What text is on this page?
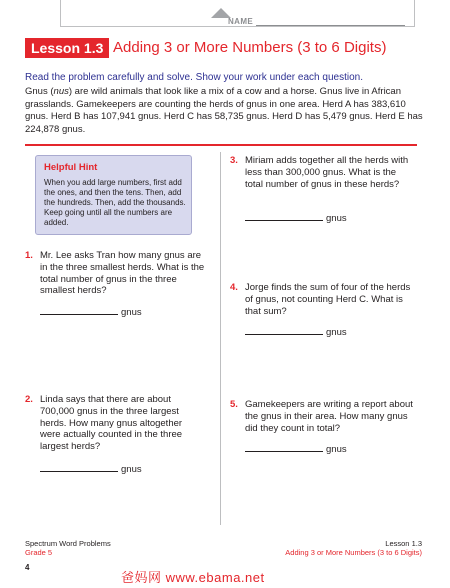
NAME
Lesson 1.3 Adding 3 or More Numbers (3 to 6 Digits)
Read the problem carefully and solve. Show your work under each question.
Gnus (nus) are wild animals that look like a mix of a cow and a horse. Gnus live in African grasslands. Gamekeepers are counting the herds of gnus in one area. Herd A has 383,610 gnus. Herd B has 107,941 gnus. Herd C has 58,735 gnus. Herd D has 5,479 gnus. Herd E has 224,878 gnus.
Helpful Hint
When you add large numbers, first add the ones, and then the tens. Then, add the hundreds. Then, add the thousands. Keep going until all the numbers are added.
1. Mr. Lee asks Tran how many gnus are in the three smallest herds. What is the total number of gnus in the three smallest herds?
gnus
2. Linda says that there are about 700,000 gnus in the three largest herds. How many gnus altogether were actually counted in the three largest herds?
gnus
3. Miriam adds together all the herds with less than 300,000 gnus. What is the total number of gnus in these herds?
gnus
4. Jorge finds the sum of four of the herds of gnus, not counting Herd C. What is that sum?
gnus
5. Gamekeepers are writing a report about the gnus in their area. How many gnus did they count in total?
gnus
Spectrum Word Problems
Grade 5
Lesson 1.3
Adding 3 or More Numbers (3 to 6 Digits)
4
爸妈网 www.ebama.net
